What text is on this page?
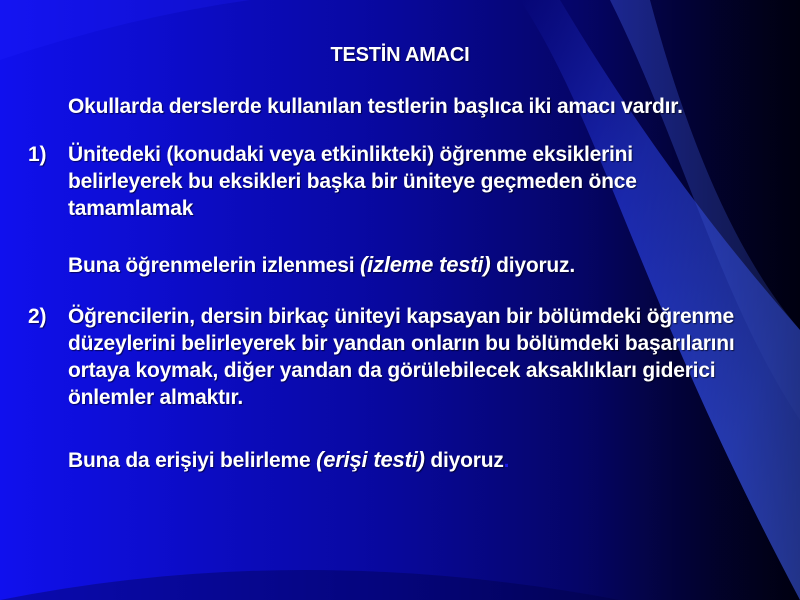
TESTİN AMACI
Okullarda derslerde kullanılan testlerin başlıca iki amacı vardır.
1) Ünitedeki (konudaki veya etkinlikteki) öğrenme eksiklerini belirleyerek bu eksikleri başka bir üniteye geçmeden önce tamamlamak
Buna öğrenmelerin izlenmesi (izleme testi) diyoruz.
2) Öğrencilerin, dersin birkaç üniteyi kapsayan bir bölümdeki öğrenme düzeylerini belirleyerek bir yandan onların bu bölümdeki başarılarını ortaya koymak, diğer yandan da görülebilecek aksaklıkları giderici önlemler almaktır.
Buna da erişiyi belirleme (erişi testi) diyoruz.
